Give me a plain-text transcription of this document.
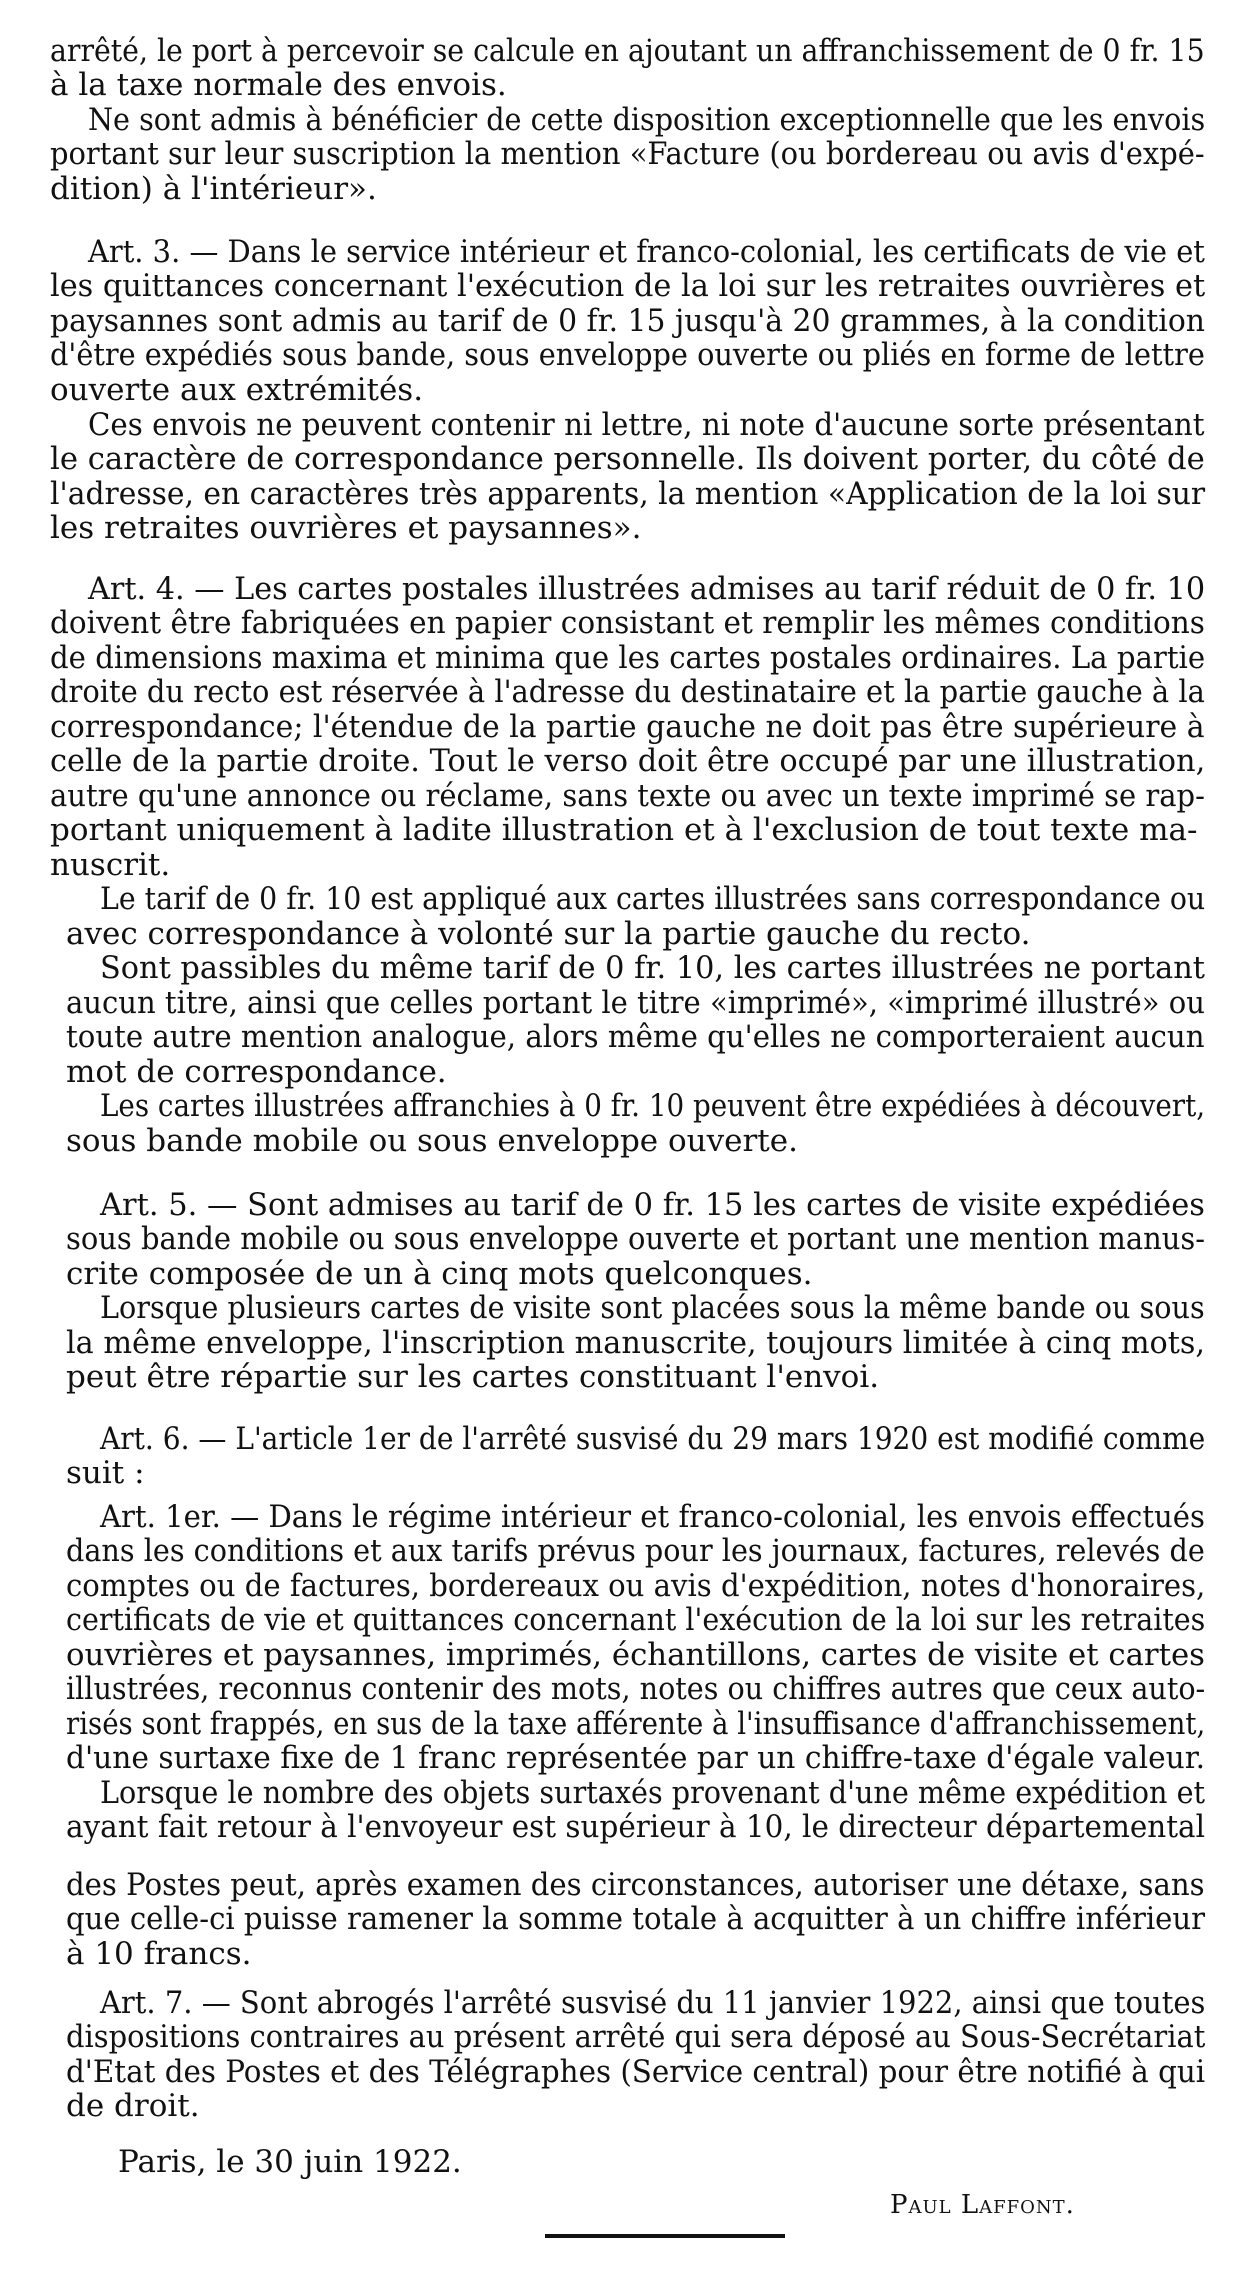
arrêté, le port à percevoir se calcule en ajoutant un affranchissement de 0 fr. 15
à la taxe normale des envois.
Ne sont admis à bénéficier de cette disposition exceptionnelle que les envois
portant sur leur suscription la mention «Facture (ou bordereau ou avis d'expé-
dition) à l'intérieur».
Art. 3. — Dans le service intérieur et franco-colonial, les certificats de vie et
les quittances concernant l'exécution de la loi sur les retraites ouvrières et
paysannes sont admis au tarif de 0 fr. 15 jusqu'à 20 grammes, à la condition
d'être expédiés sous bande, sous enveloppe ouverte ou pliés en forme de lettre
ouverte aux extrémités.
Ces envois ne peuvent contenir ni lettre, ni note d'aucune sorte présentant
le caractère de correspondance personnelle. Ils doivent porter, du côté de
l'adresse, en caractères très apparents, la mention «Application de la loi sur
les retraites ouvrières et paysannes».
Art. 4. — Les cartes postales illustrées admises au tarif réduit de 0 fr. 10
doivent être fabriquées en papier consistant et remplir les mêmes conditions
de dimensions maxima et minima que les cartes postales ordinaires. La partie
droite du recto est réservée à l'adresse du destinataire et la partie gauche à la
correspondance; l'étendue de la partie gauche ne doit pas être supérieure à
celle de la partie droite. Tout le verso doit être occupé par une illustration,
autre qu'une annonce ou réclame, sans texte ou avec un texte imprimé se rap-
portant uniquement à ladite illustration et à l'exclusion de tout texte ma-
nuscrit.
Le tarif de 0 fr. 10 est appliqué aux cartes illustrées sans correspondance ou
avec correspondance à volonté sur la partie gauche du recto.
Sont passibles du même tarif de 0 fr. 10, les cartes illustrées ne portant
aucun titre, ainsi que celles portant le titre «imprimé», «imprimé illustré» ou
toute autre mention analogue, alors même qu'elles ne comporteraient aucun
mot de correspondance.
Les cartes illustrées affranchies à 0 fr. 10 peuvent être expédiées à découvert,
sous bande mobile ou sous enveloppe ouverte.
Art. 5. — Sont admises au tarif de 0 fr. 15 les cartes de visite expédiées
sous bande mobile ou sous enveloppe ouverte et portant une mention manus-
crite composée de un à cinq mots quelconques.
Lorsque plusieurs cartes de visite sont placées sous la même bande ou sous
la même enveloppe, l'inscription manuscrite, toujours limitée à cinq mots,
peut être répartie sur les cartes constituant l'envoi.
Art. 6. — L'article 1er de l'arrêté susvisé du 29 mars 1920 est modifié comme
suit :
Art. 1er. — Dans le régime intérieur et franco-colonial, les envois effectués
dans les conditions et aux tarifs prévus pour les journaux, factures, relevés de
comptes ou de factures, bordereaux ou avis d'expédition, notes d'honoraires,
certificats de vie et quittances concernant l'exécution de la loi sur les retraites
ouvrières et paysannes, imprimés, échantillons, cartes de visite et cartes
illustrées, reconnus contenir des mots, notes ou chiffres autres que ceux auto-
risés sont frappés, en sus de la taxe afférente à l'insuffisance d'affranchissement,
d'une surtaxe fixe de 1 franc représentée par un chiffre-taxe d'égale valeur.
Lorsque le nombre des objets surtaxés provenant d'une même expédition et
ayant fait retour à l'envoyeur est supérieur à 10, le directeur départemental
des Postes peut, après examen des circonstances, autoriser une détaxe, sans
que celle-ci puisse ramener la somme totale à acquitter à un chiffre inférieur
à 10 francs.
Art. 7. — Sont abrogés l'arrêté susvisé du 11 janvier 1922, ainsi que toutes
dispositions contraires au présent arrêté qui sera déposé au Sous-Secrétariat
d'Etat des Postes et des Télégraphes (Service central) pour être notifié à qui
de droit.
Paris, le 30 juin 1922.
Paul Laffont.
